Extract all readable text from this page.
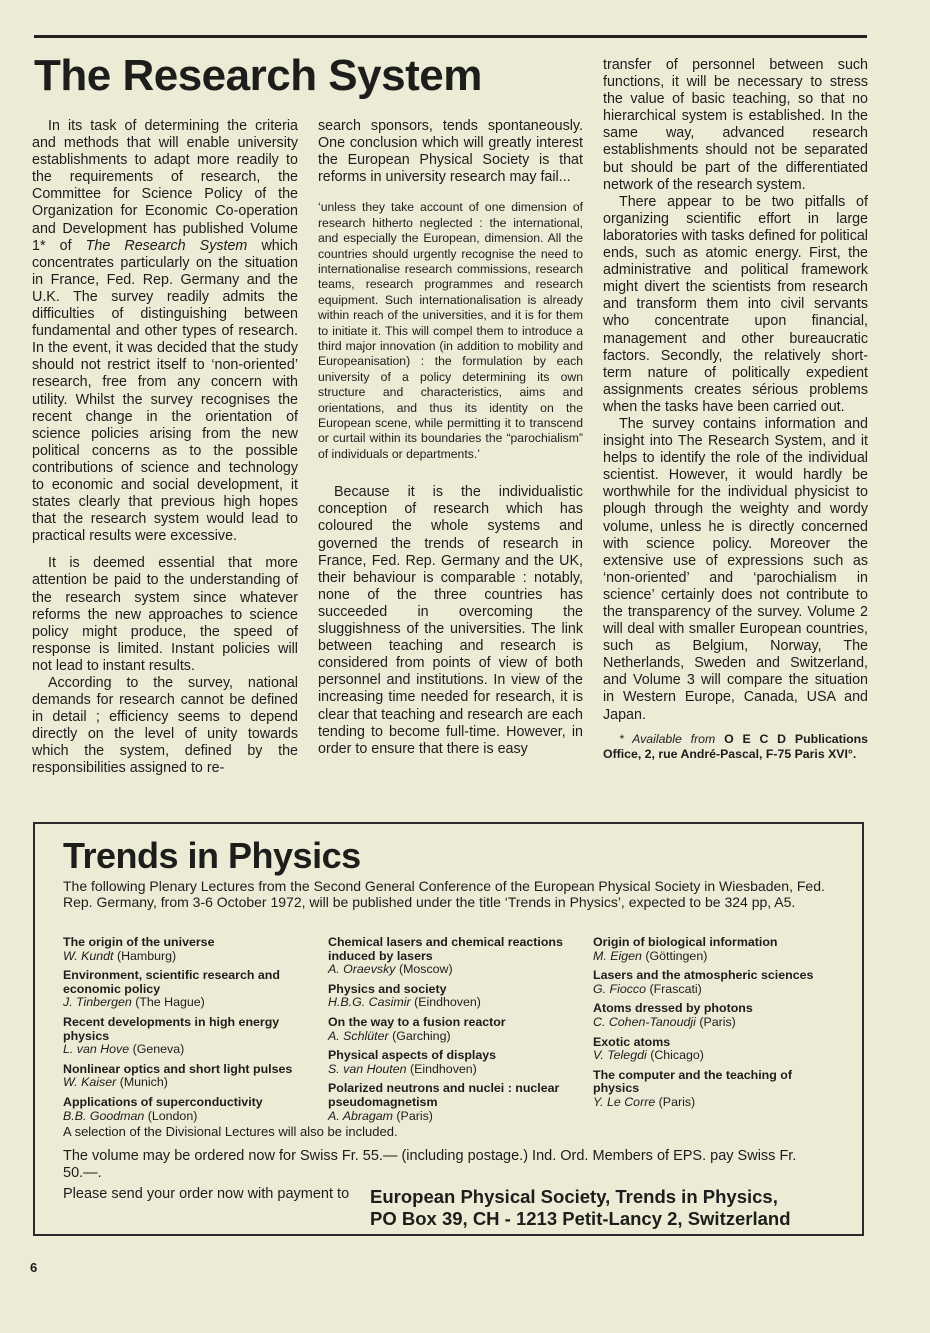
The Research System

In its task of determining the criteria and methods that will enable university establishments to adapt more readily to the requirements of research, the Committee for Science Policy of the Organization for Economic Co-operation and Development has published Volume 1* of The Research System which concentrates particularly on the situation in France, Fed. Rep. Germany and the U.K. The survey readily admits the difficulties of distinguishing between fundamental and other types of research. In the event, it was decided that the study should not restrict itself to ‘non-oriented’ research, free from any concern with utility. Whilst the survey recognises the recent change in the orientation of science policies arising from the new political concerns as to the possible contributions of science and technology to economic and social development, it states clearly that previous high hopes that the research system would lead to practical results were excessive.

It is deemed essential that more attention be paid to the understanding of the research system since whatever reforms the new approaches to science policy might produce, the speed of response is limited. Instant policies will not lead to instant results.

According to the survey, national demands for research cannot be defined in detail ; efficiency seems to depend directly on the level of unity towards which the system, defined by the responsibilities assigned to re-

search sponsors, tends spontaneously. One conclusion which will greatly interest the European Physical Society is that reforms in university research may fail...

‘unless they take account of one dimension of research hitherto neglected : the international, and especially the European, dimension. All the countries should urgently recognise the need to internationalise research commissions, research teams, research programmes and research equipment. Such internationalisation is already within reach of the universities, and it is for them to initiate it. This will compel them to introduce a third major innovation (in addition to mobility and Europeanisation) : the formulation by each university of a policy determining its own structure and characteristics, aims and orientations, and thus its identity on the European scene, while permitting it to transcend or curtail within its boundaries the “parochialism” of individuals or departments.’

Because it is the individualistic conception of research which has coloured the whole systems and governed the trends of research in France, Fed. Rep. Germany and the UK, their behaviour is comparable : notably, none of the three countries has succeeded in overcoming the sluggishness of the universities. The link between teaching and research is considered from points of view of both personnel and institutions. In view of the increasing time needed for research, it is clear that teaching and research are each tending to become full-time. However, in order to ensure that there is easy

transfer of personnel between such functions, it will be necessary to stress the value of basic teaching, so that no hierarchical system is established. In the same way, advanced research establishments should not be separated but should be part of the differentiated network of the research system.

There appear to be two pitfalls of organizing scientific effort in large laboratories with tasks defined for political ends, such as atomic energy. First, the administrative and political framework might divert the scientists from research and transform them into civil servants who concentrate upon financial, management and other bureaucratic factors. Secondly, the relatively short-term nature of politically expedient assignments creates sérious problems when the tasks have been carried out.

The survey contains information and insight into The Research System, and it helps to identify the role of the individual scientist. However, it would hardly be worthwhile for the individual physicist to plough through the weighty and wordy volume, unless he is directly concerned with science policy. Moreover the extensive use of expressions such as ‘non-oriented’ and ‘parochialism in science’ certainly does not contribute to the transparency of the survey. Volume 2 will deal with smaller European countries, such as Belgium, Norway, The Netherlands, Sweden and Switzerland, and Volume 3 will compare the situation in Western Europe, Canada, USA and Japan.

* Available from O E C D Publications Office, 2, rue André-Pascal, F-75 Paris XVI°.

Trends in Physics
The following Plenary Lectures from the Second General Conference of the European Physical Society in Wiesbaden, Fed. Rep. Germany, from 3-6 October 1972, will be published under the title ‘Trends in Physics’, expected to be 324 pp, A5.
The origin of the universe
W. Kundt (Hamburg)
Environment, scientific research and economic policy
J. Tinbergen (The Hague)
Recent developments in high energy physics
L. van Hove (Geneva)
Nonlinear optics and short light pulses
W. Kaiser (Munich)
Applications of superconductivity
B.B. Goodman (London)
Chemical lasers and chemical reactions induced by lasers
A. Oraevsky (Moscow)
Physics and society
H.B.G. Casimir (Eindhoven)
On the way to a fusion reactor
A. Schlüter (Garching)
Physical aspects of displays
S. van Houten (Eindhoven)
Polarized neutrons and nuclei : nuclear pseudomagnetism
A. Abragam (Paris)
Origin of biological information
M. Eigen (Göttingen)
Lasers and the atmospheric sciences
G. Fiocco (Frascati)
Atoms dressed by photons
C. Cohen-Tanoudji (Paris)
Exotic atoms
V. Telegdi (Chicago)
The computer and the teaching of physics
Y. Le Corre (Paris)
A selection of the Divisional Lectures will also be included.
The volume may be ordered now for Swiss Fr. 55.— (including postage.) Ind. Ord. Members of EPS. pay Swiss Fr. 50.—.
Please send your order now with payment to European Physical Society, Trends in Physics,
PO Box 39, CH - 1213 Petit-Lancy 2, Switzerland
6
